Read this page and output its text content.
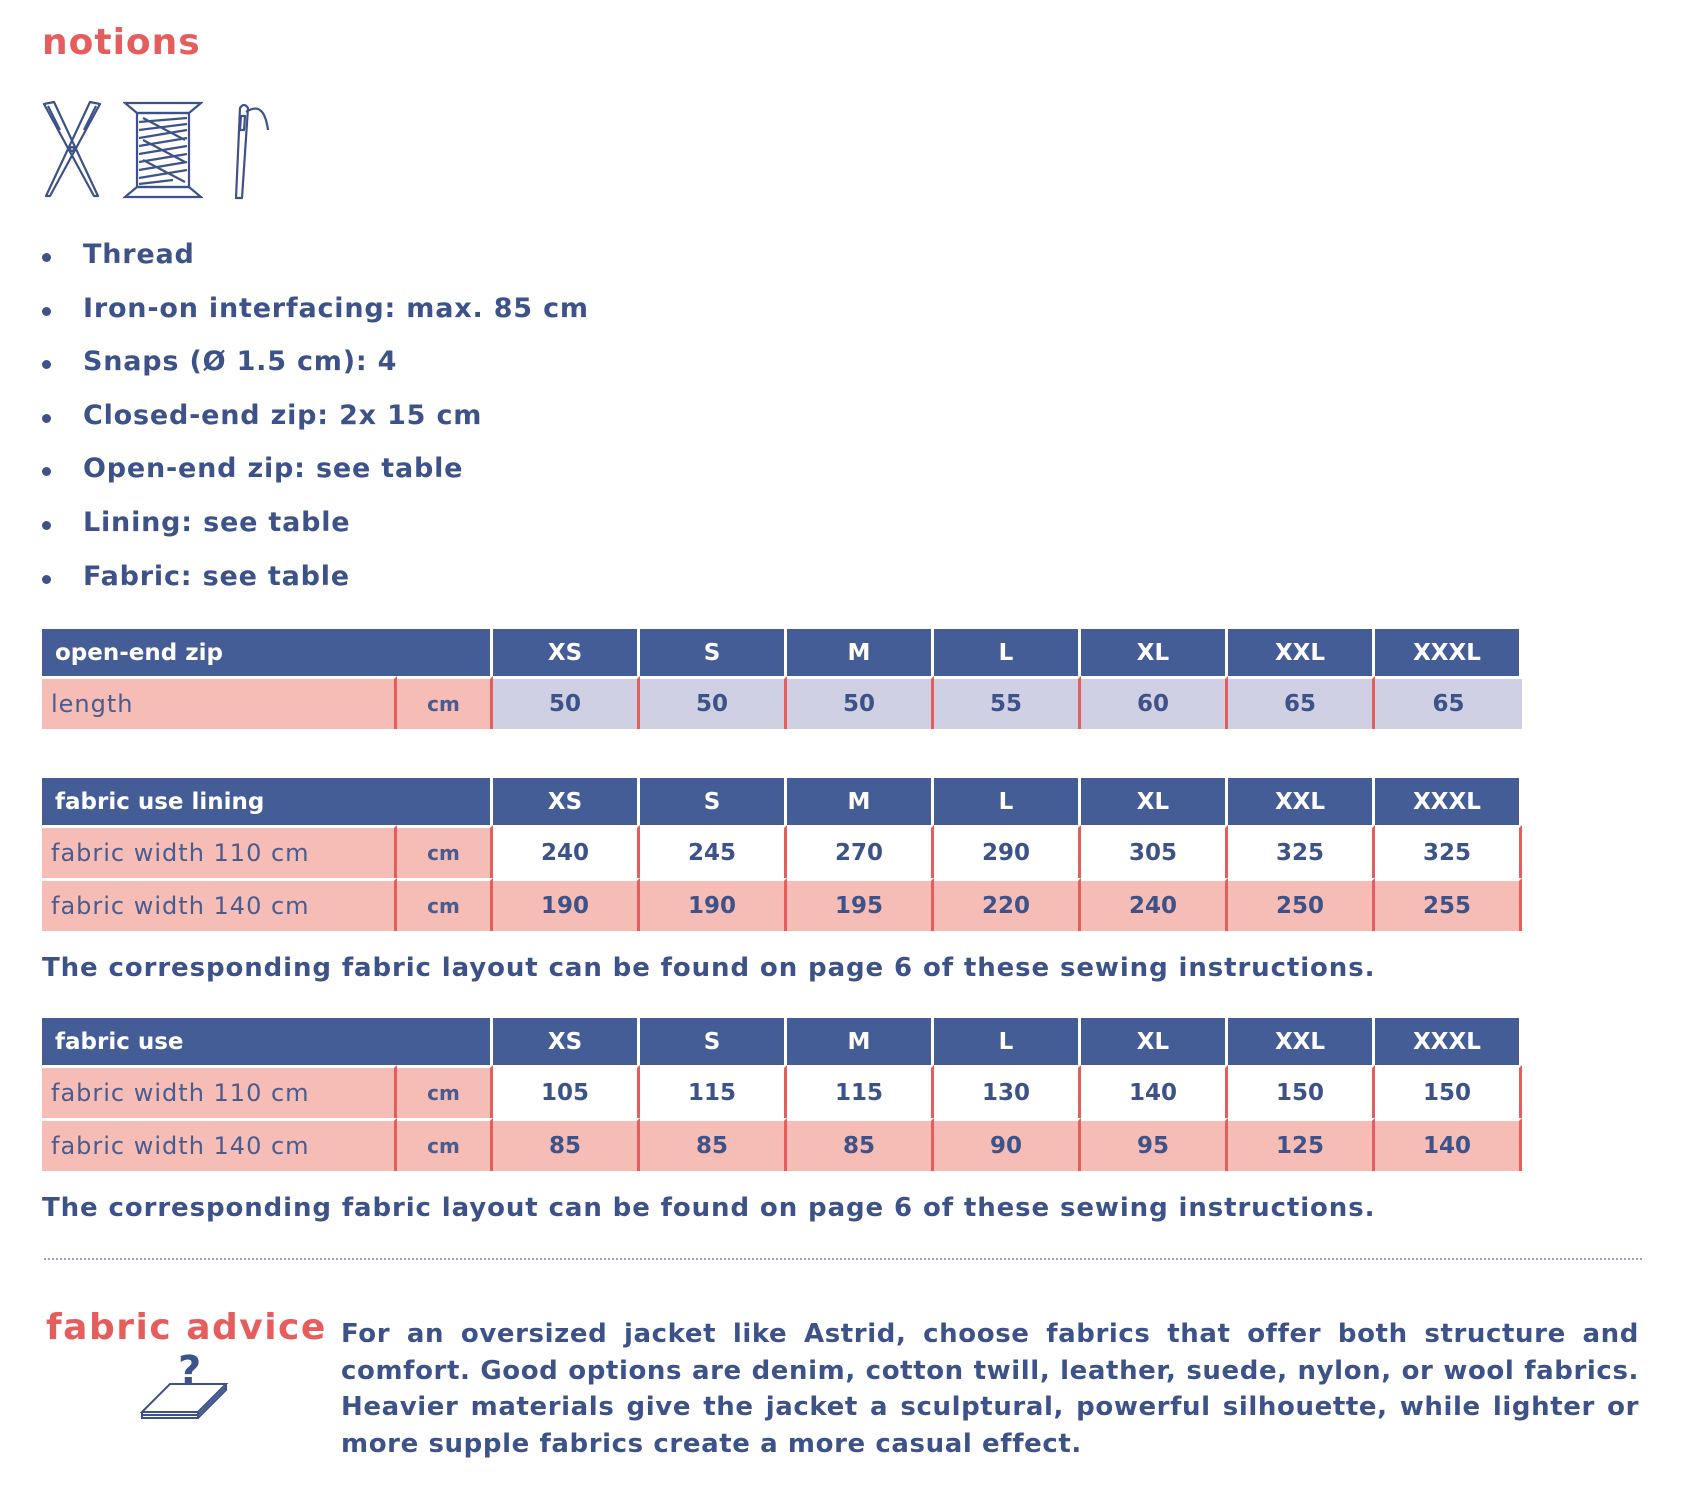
notions
Thread
Iron-on interfacing: max. 85 cm
Snaps (Ø 1.5 cm): 4
Closed-end zip: 2x 15 cm
Open-end zip: see table
Lining: see table
Fabric: see table
open-end zip		XS	S	M	L	XL	XXL	XXXL
length	cm	50	50	50	55	60	65	65
fabric use lining		XS	S	M	L	XL	XXL	XXXL
fabric width 110 cm	cm	240	245	270	290	305	325	325
fabric width 140 cm	cm	190	190	195	220	240	250	255
The corresponding fabric layout can be found on page 6 of these sewing instructions.
fabric use		XS	S	M	L	XL	XXL	XXXL
fabric width 110 cm	cm	105	115	115	130	140	150	150
fabric width 140 cm	cm	85	85	85	90	95	125	140
The corresponding fabric layout can be found on page 6 of these sewing instructions.
fabric advice
?
For an oversized jacket like Astrid, choose fabrics that offer both structure and comfort. Good options are denim, cotton twill, leather, suede, nylon, or wool fabrics. Heavier materials give the jacket a sculptural, powerful silhouette, while lighter or more supple fabrics create a more casual effect.
